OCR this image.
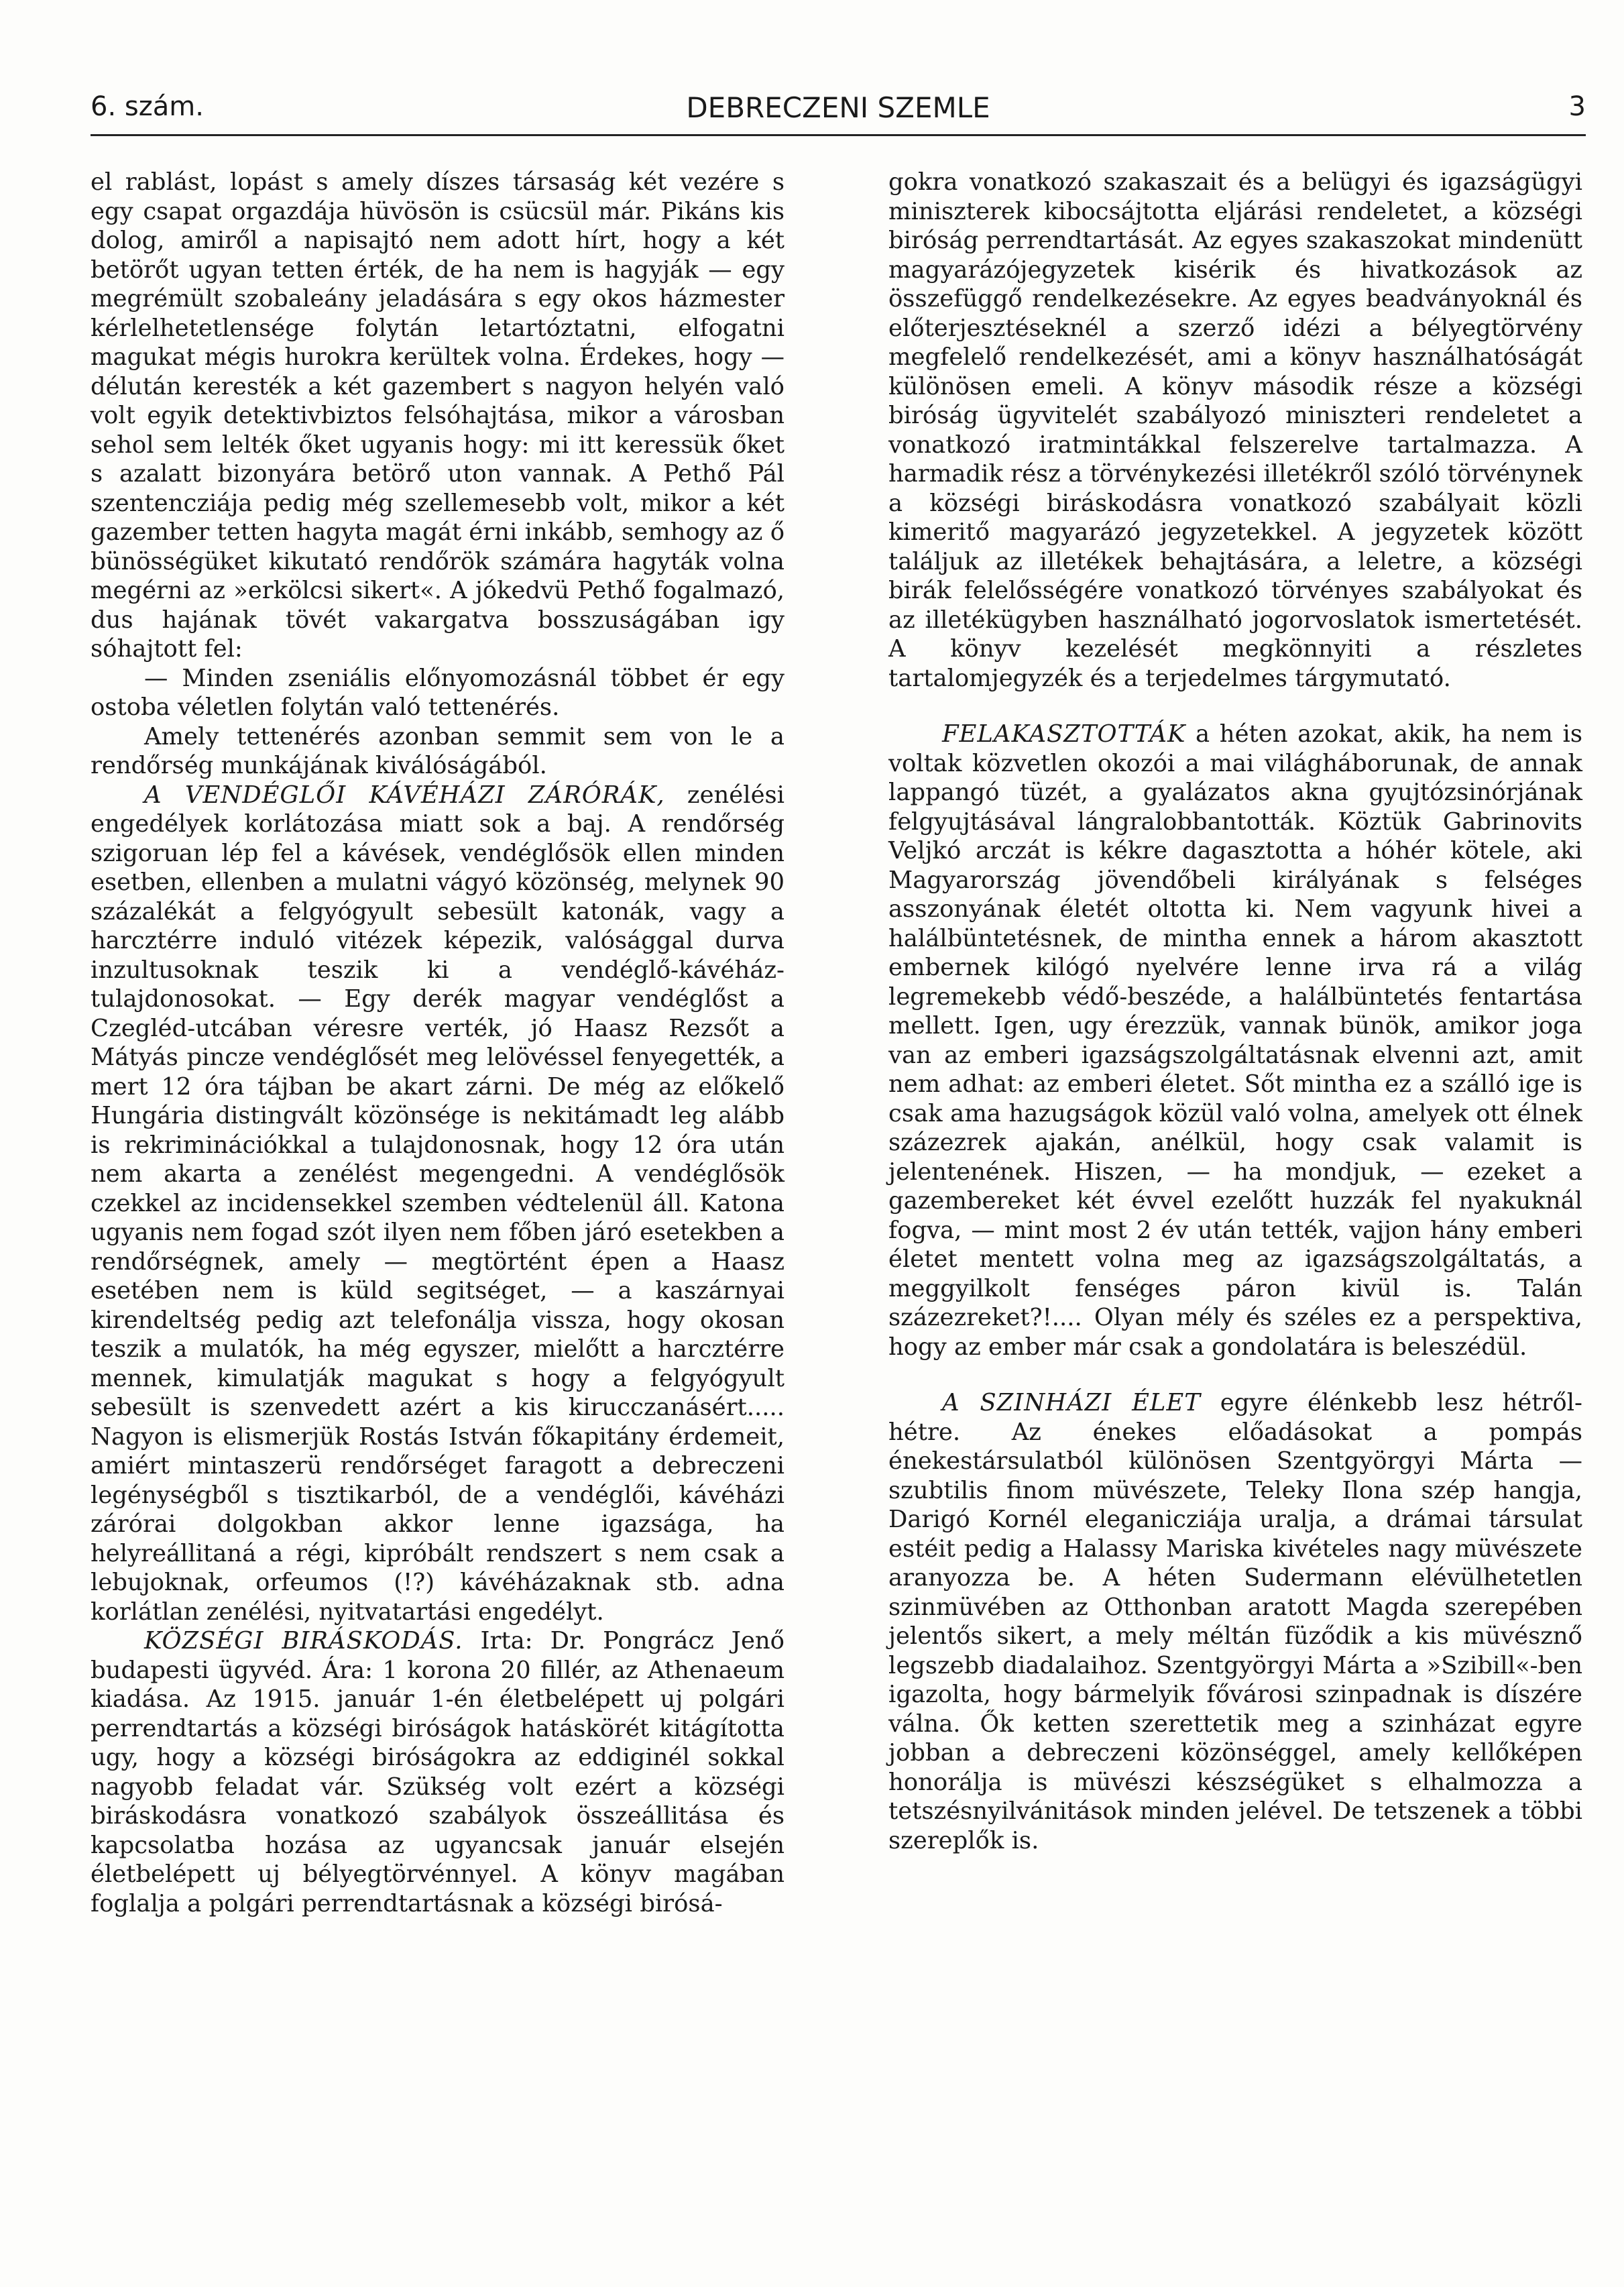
6. szám.	DEBRECZENI SZEMLE	3

el rablást, lopást s amely díszes társaság két vezére s egy csapat orgazdája hüvösön is csücsül már. Pikáns kis dolog, amiről a napisajtó nem adott hírt, hogy a két betörőt ugyan tetten érték, de ha nem is hagyják — egy megrémült szobaleány jeladására s egy okos házmester kérlelhetetlensége folytán letartóztatni, elfogatni magukat mégis hurokra kerültek volna. Érdekes, hogy — délután keresték a két gazembert s nagyon helyén való volt egyik detektivbiztos felsóhajtása, mikor a városban sehol sem lelték őket ugyanis hogy: mi itt keressük őket s azalatt bizonyára betörő uton vannak. A Pethő Pál szentencziája pedig még szellemesebb volt, mikor a két gazember tetten hagyta magát érni inkább, semhogy az ő bünösségüket kikutató rendőrök számára hagyták volna megérni az »erkölcsi sikert«. A jókedvü Pethő fogalmazó, dus hajának tövét vakargatva bosszuságában igy sóhajtott fel:

— Minden zseniális előnyomozásnál többet ér egy ostoba véletlen folytán való tettenérés.

Amely tettenérés azonban semmit sem von le a rendőrség munkájának kiválóságából.

A VENDÉGLŐI KÁVÉHÁZI ZÁRÓRÁK, zenélési engedélyek korlátozása miatt sok a baj. A rendőrség szigoruan lép fel a kávések, vendéglősök ellen minden esetben, ellenben a mulatni vágyó közönség, melynek 90 százalékát a felgyógyult sebesült katonák, vagy a harcztérre induló vitézek képezik, valósággal durva inzultusoknak teszik ki a vendéglő-kávéház-tulajdonosokat. — Egy derék magyar vendéglőst a Czegléd-utcában véresre verték, jó Haasz Rezsőt a Mátyás pincze vendéglősét meg lelövéssel fenyegették, a mert 12 óra tájban be akart zárni. De még az előkelő Hungária distingvált közönsége is nekitámadt leg alább is rekriminációkkal a tulajdonosnak, hogy 12 óra után nem akarta a zenélést megengedni. A vendéglősök czekkel az incidensekkel szemben védtelenül áll. Katona ugyanis nem fogad szót ilyen nem főben járó esetekben a rendőrségnek, amely — megtörtént épen a Haasz esetében nem is küld segitséget, — a kaszárnyai kirendeltség pedig azt telefonálja vissza, hogy okosan teszik a mulatók, ha még egyszer, mielőtt a harcztérre mennek, kimulatják magukat s hogy a felgyógyult sebesült is szenvedett azért a kis kirucczanásért..... Nagyon is elismerjük Rostás István főkapitány érdemeit, amiért mintaszerü rendőrséget faragott a debreczeni legénységből s tisztikarból, de a vendéglői, kávéházi zárórai dolgokban akkor lenne igazsága, ha helyreállitaná a régi, kipróbált rendszert s nem csak a lebujoknak, orfeumos (!?) kávéházaknak stb. adna korlátlan zenélési, nyitvatartási engedélyt.

KÖZSÉGI BIRÁSKODÁS. Irta: Dr. Pongrácz Jenő budapesti ügyvéd. Ára: 1 korona 20 fillér, az Athenaeum kiadása. Az 1915. január 1-én életbelépett uj polgári perrendtartás a községi biróságok hatáskörét kitágította ugy, hogy a községi biróságokra az eddiginél sokkal nagyobb feladat vár. Szükség volt ezért a községi biráskodásra vonatkozó szabályok összeállitása és kapcsolatba hozása az ugyancsak január elsején életbelépett uj bélyegtörvénnyel. A könyv magában foglalja a polgári perrendtartásnak a községi birósá-

gokra vonatkozó szakaszait és a belügyi és igazságügyi miniszterek kibocsájtotta eljárási rendeletet, a községi biróság perrendtartását. Az egyes szakaszokat mindenütt magyarázójegyzetek kisérik és hivatkozások az összefüggő rendelkezésekre. Az egyes beadványoknál és előterjesztéseknél a szerző idézi a bélyegtörvény megfelelő rendelkezését, ami a könyv használhatóságát különösen emeli. A könyv második része a községi biróság ügyvitelét szabályozó miniszteri rendeletet a vonatkozó iratmintákkal felszerelve tartalmazza. A harmadik rész a törvénykezési illetékről szóló törvénynek a községi biráskodásra vonatkozó szabályait közli kimeritő magyarázó jegyzetekkel. A jegyzetek között találjuk az illetékek behajtására, a leletre, a községi birák felelősségére vonatkozó törvényes szabályokat és az illetékügyben használható jogorvoslatok ismertetését. A könyv kezelését megkönnyiti a részletes tartalomjegyzék és a terjedelmes tárgymutató.

FELAKASZTOTTÁK a héten azokat, akik, ha nem is voltak közvetlen okozói a mai világháborunak, de annak lappangó tüzét, a gyalázatos akna gyujtózsinórjának felgyujtásával lángralobbantották. Köztük Gabrinovits Veljkó arczát is kékre dagasztotta a hóhér kötele, aki Magyarország jövendőbeli királyának s felséges asszonyának életét oltotta ki. Nem vagyunk hivei a halálbüntetésnek, de mintha ennek a három akasztott embernek kilógó nyelvére lenne irva rá a világ legremekebb védő-beszéde, a halálbüntetés fentartása mellett. Igen, ugy érezzük, vannak bünök, amikor joga van az emberi igazságszolgáltatásnak elvenni azt, amit nem adhat: az emberi életet. Sőt mintha ez a szálló ige is csak ama hazugságok közül való volna, amelyek ott élnek százezrek ajakán, anélkül, hogy csak valamit is jelentenének. Hiszen, — ha mondjuk, — ezeket a gazembereket két évvel ezelőtt huzzák fel nyakuknál fogva, — mint most 2 év után tették, vajjon hány emberi életet mentett volna meg az igazságszolgáltatás, a meggyilkolt fenséges páron kivül is. Talán százezreket?!.... Olyan mély és széles ez a perspektiva, hogy az ember már csak a gondolatára is beleszédül.

A SZINHÁZI ÉLET egyre élénkebb lesz hétről-hétre. Az énekes előadásokat a pompás énekestársulatból különösen Szentgyörgyi Márta — szubtilis finom müvészete, Teleky Ilona szép hangja, Darigó Kornél eleganicziája uralja, a drámai társulat estéit pedig a Halassy Mariska kivételes nagy müvészete aranyozza be. A héten Sudermann elévülhetetlen szinmüvében az Otthonban aratott Magda szerepében jelentős sikert, a mely méltán füződik a kis müvésznő legszebb diadalaihoz. Szentgyörgyi Márta a »Szibill«-ben igazolta, hogy bármelyik fővárosi szinpadnak is díszére válna. Ők ketten szerettetik meg a szinházat egyre jobban a debreczeni közönséggel, amely kellőképen honorálja is müvészi készségüket s elhalmozza a tetszésnyilvánitások minden jelével. De tetszenek a többi szereplők is.
